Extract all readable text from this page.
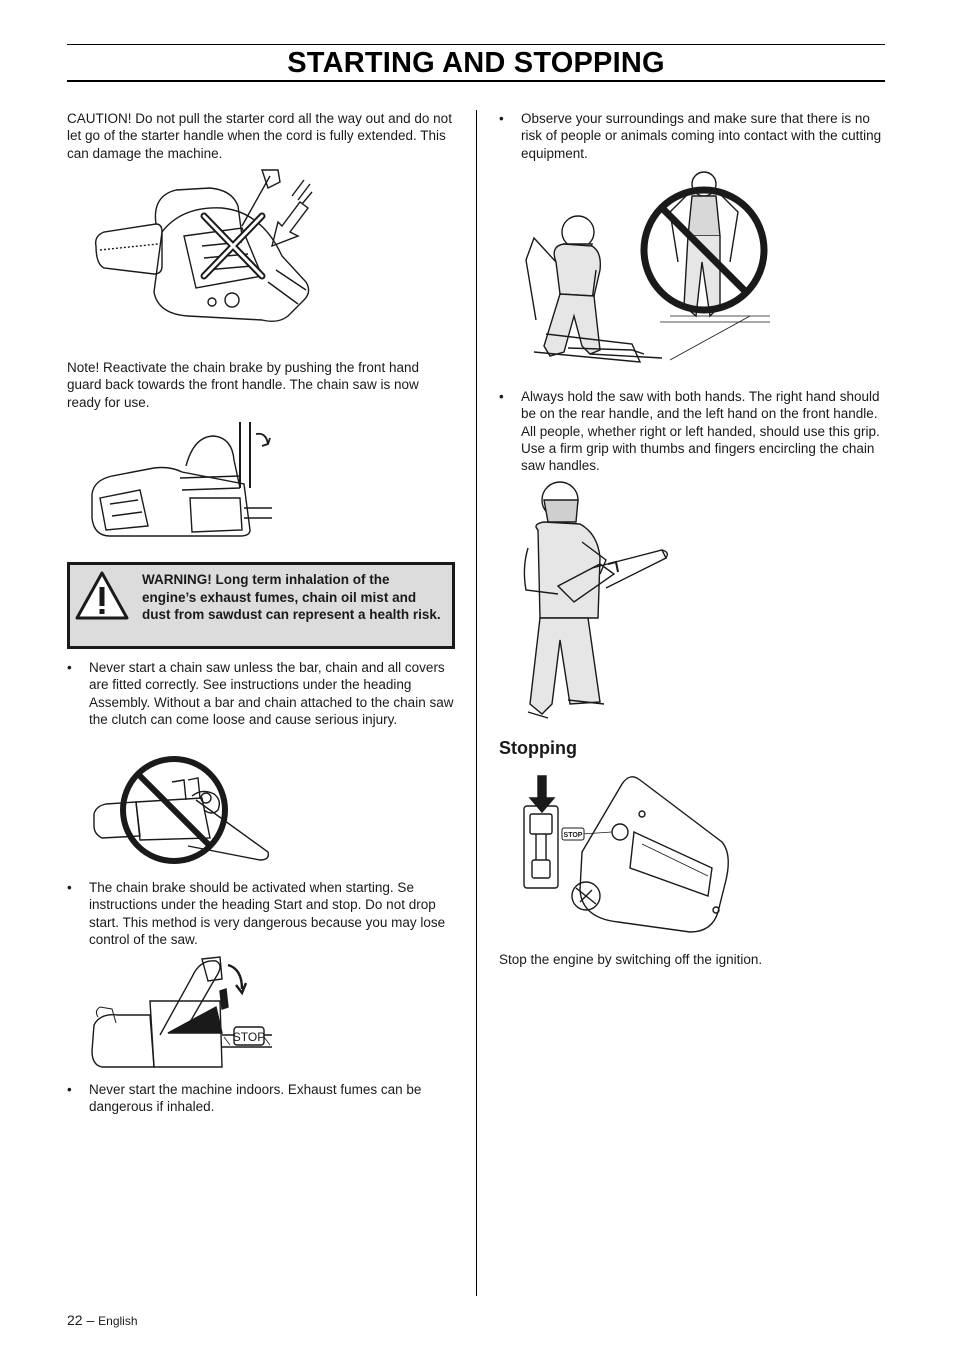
STARTING AND STOPPING

CAUTION! Do not pull the starter cord all the way out and do not let go of the starter handle when the cord is fully extended. This can damage the machine.

Note! Reactivate the chain brake by pushing the front hand guard back towards the front handle. The chain saw is now ready for use.

WARNING! Long term inhalation of the engine’s exhaust fumes, chain oil mist and dust from sawdust can represent a health risk.

• Never start a chain saw unless the bar, chain and all covers are fitted correctly. See instructions under the heading Assembly. Without a bar and chain attached to the chain saw the clutch can come loose and cause serious injury.

• The chain brake should be activated when starting. Se instructions under the heading Start and stop. Do not drop start. This method is very dangerous because you may lose control of the saw.

STOP

• Never start the machine indoors. Exhaust fumes can be dangerous if inhaled.

• Observe your surroundings and make sure that there is no risk of people or animals coming into contact with the cutting equipment.

• Always hold the saw with both hands. The right hand should be on the rear handle, and the left hand on the front handle. All people, whether right or left handed, should use this grip. Use a firm grip with thumbs and fingers encircling the chain saw handles.

Stopping
STOP

Stop the engine by switching off the ignition.

22 – English
